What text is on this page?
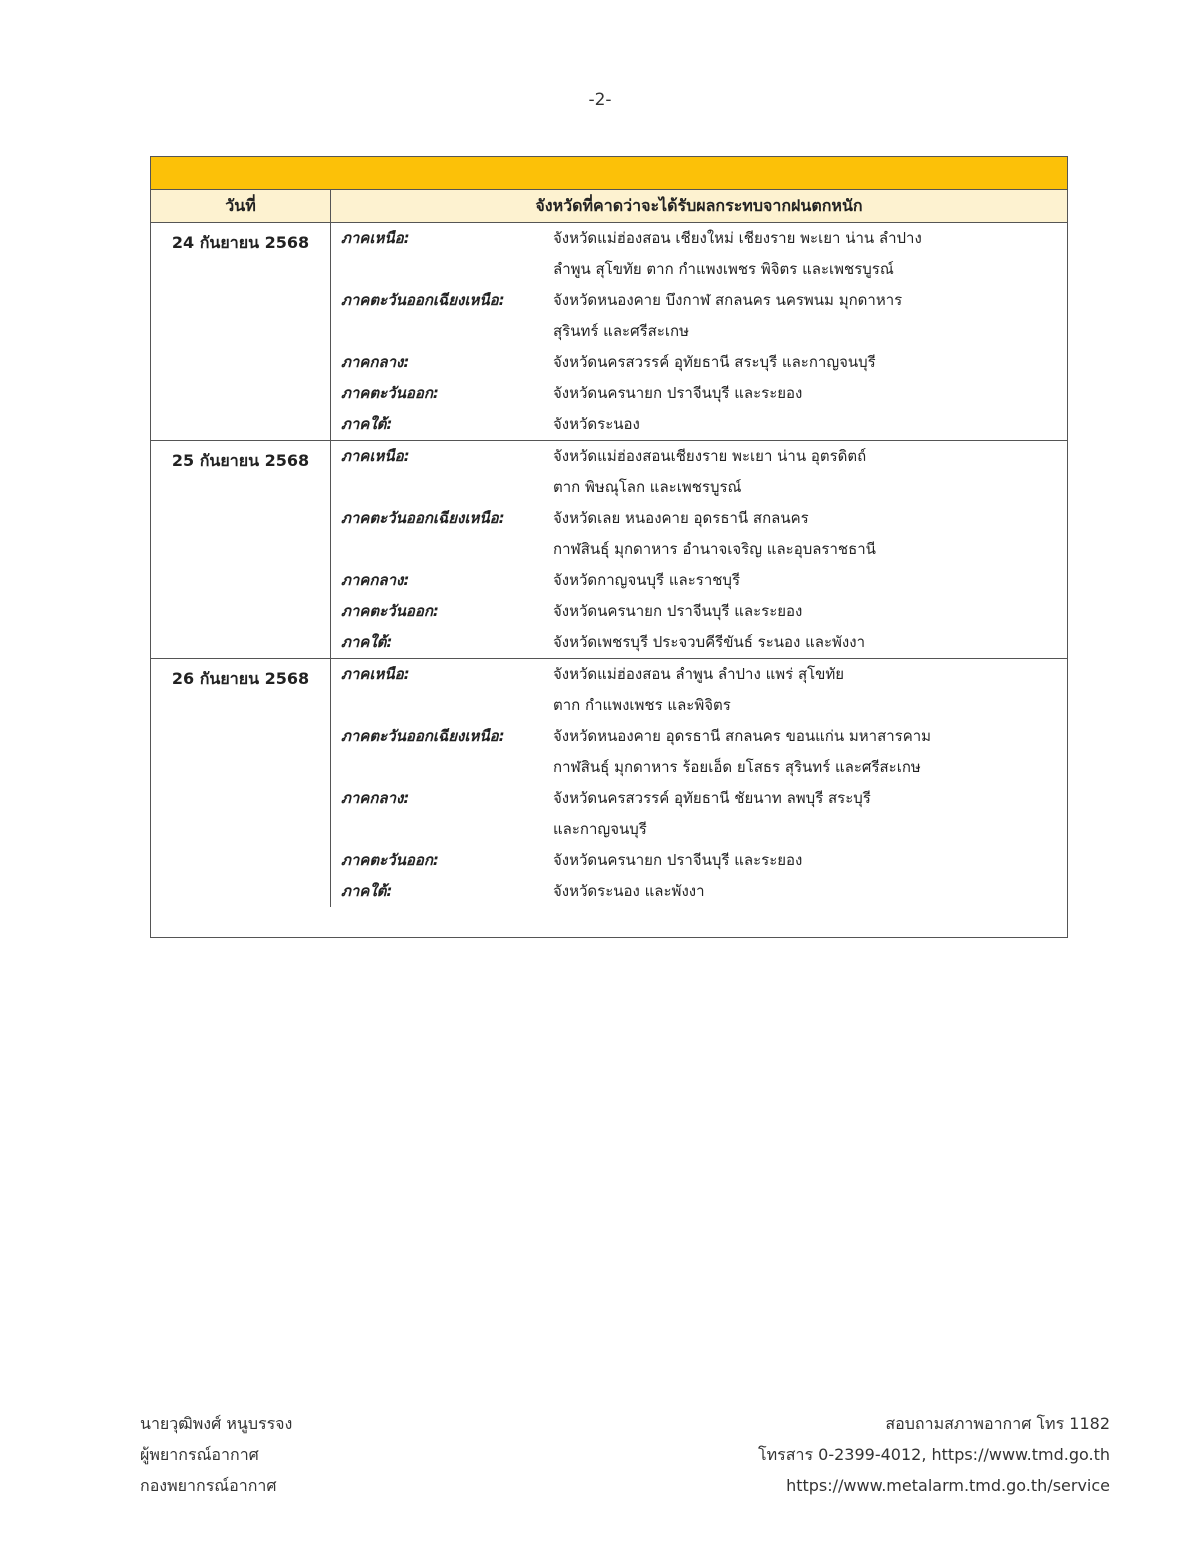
-2-
วันที่	จังหวัดที่คาดว่าจะได้รับผลกระทบจากฝนตกหนัก
24 กันยายน 2568	ภาคเหนือ:	จังหวัดแม่ฮ่องสอน เชียงใหม่ เชียงราย พะเยา น่าน ลำปาง
ลำพูน สุโขทัย ตาก กำแพงเพชร พิจิตร และเพชรบูรณ์
ภาคตะวันออกเฉียงเหนือ:	จังหวัดหนองคาย บึงกาฬ สกลนคร นครพนม มุกดาหาร
สุรินทร์ และศรีสะเกษ
ภาคกลาง:	จังหวัดนครสวรรค์ อุทัยธานี สระบุรี และกาญจนบุรี
ภาคตะวันออก:	จังหวัดนครนายก ปราจีนบุรี และระยอง
ภาคใต้:	จังหวัดระนอง
25 กันยายน 2568	ภาคเหนือ:	จังหวัดแม่ฮ่องสอนเชียงราย พะเยา น่าน อุตรดิตถ์
ตาก พิษณุโลก และเพชรบูรณ์
ภาคตะวันออกเฉียงเหนือ:	จังหวัดเลย หนองคาย อุดรธานี สกลนคร
กาฬสินธุ์ มุกดาหาร อำนาจเจริญ และอุบลราชธานี
ภาคกลาง:	จังหวัดกาญจนบุรี และราชบุรี
ภาคตะวันออก:	จังหวัดนครนายก ปราจีนบุรี และระยอง
ภาคใต้:	จังหวัดเพชรบุรี ประจวบคีรีขันธ์ ระนอง และพังงา
26 กันยายน 2568	ภาคเหนือ:	จังหวัดแม่ฮ่องสอน ลำพูน ลำปาง แพร่ สุโขทัย
ตาก กำแพงเพชร และพิจิตร
ภาคตะวันออกเฉียงเหนือ:	จังหวัดหนองคาย อุดรธานี สกลนคร ขอนแก่น มหาสารคาม
กาฬสินธุ์ มุกดาหาร ร้อยเอ็ด ยโสธร สุรินทร์ และศรีสะเกษ
ภาคกลาง:	จังหวัดนครสวรรค์ อุทัยธานี ชัยนาท ลพบุรี สระบุรี
และกาญจนบุรี
ภาคตะวันออก:	จังหวัดนครนายก ปราจีนบุรี และระยอง
ภาคใต้:	จังหวัดระนอง และพังงา
นายวุฒิพงศ์ หนูบรรจง
ผู้พยากรณ์อากาศ
กองพยากรณ์อากาศ
สอบถามสภาพอากาศ โทร 1182
โทรสาร 0-2399-4012, https://www.tmd.go.th
https://www.metalarm.tmd.go.th/service
